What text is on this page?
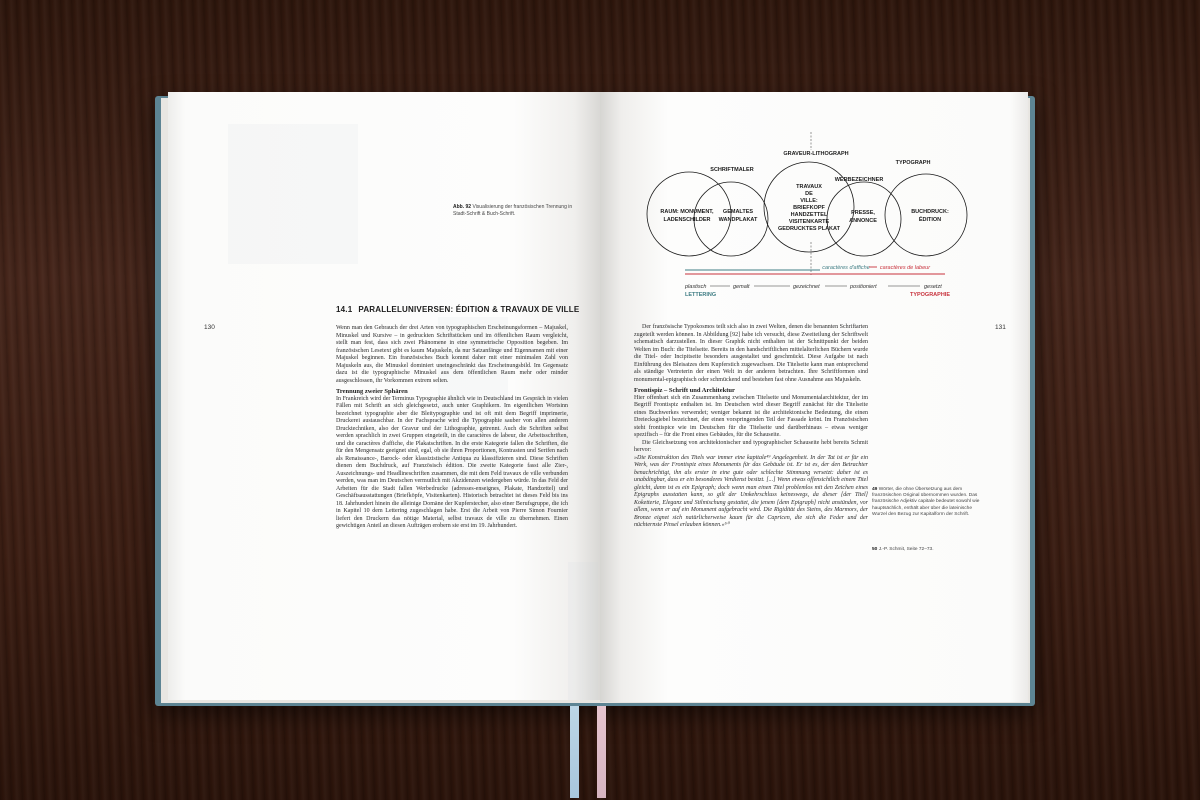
Abb. 92 Visualisierung der französischen Trennung in Stadt-Schrift & Buch-Schrift.
130
14.1 PARALLELUNIVERSEN: ÉDITION & TRAVAUX DE VILLE

Wenn man den Gebrauch der drei Arten von typographischen Erscheinungsformen – Majuskel, Minuskel und Kursive – in gedruckten Schriftstücken und im öffentlichen Raum vergleicht, stellt man fest, dass sich zwei Phänomene in eine symmetrische Opposition begeben. Im französischen Lesetext gibt es kaum Majuskeln, da nur Satzanfänge und Eigennamen mit einer Majuskel beginnen. Ein französisches Buch kommt daher mit einer minimalen Zahl von Majuskeln aus, die Minuskel dominiert uneingeschränkt das Erscheinungsbild. Im Gegensatz dazu ist die typographische Minuskel aus dem öffentlichen Raum mehr oder minder ausgeschlossen, ihr Vorkommen extrem selten.

Trennung zweier Sphären

In Frankreich wird der Terminus Typographie ähnlich wie in Deutschland im Gespräch in vielen Fällen mit Schrift an sich gleichgesetzt, auch unter Graphikern. Im eigentlichen Wortsinn bezeichnet typographie aber die Bleitypographie und ist oft mit dem Begriff imprimerie, Druckerei austauschbar. In der Fachsprache wird die Typographie sauber von allen anderen Drucktechniken, also der Gravur und der Lithographie, getrennt. Auch die Schriften selbst werden sprachlich in zwei Gruppen eingeteilt, in die caractères de labeur, die Arbeitsschriften, und die caractères d'affiche, die Plakatschriften. In die erste Kategorie fallen die Schriften, die für den Mengensatz geeignet sind, egal, ob sie ihren Proportionen, Kontrasten und Serifen nach als Renaissance-, Barock- oder klassizistische Antiqua zu klassifizieren sind. Diese Schriften dienen dem Buchdruck, auf Französisch édition. Die zweite Kategorie fasst alle Zier-, Auszeichnungs- und Headlineschriften zusammen, die mit dem Feld travaux de ville verbunden werden, was man im Deutschen vermutlich mit Akzidenzen wiedergeben würde. In das Feld der Arbeiten für die Stadt fallen Werbedrucke (adresses-enseignes, Plakate, Handzettel) und Geschäftsausstattungen (Briefköpfe, Visitenkarten). Historisch betrachtet ist dieses Feld bis ins 18. Jahrhundert hinein die alleinige Domäne der Kupferstecher, also einer Berufsgruppe, die ich in Kapitel 10 dem Lettering zugeschlagen habe. Erst die Arbeit von Pierre Simon Fournier liefert den Druckern das nötige Material, selbst travaux de ville zu übernehmen. Einen gewichtigen Anteil an diesen Aufträgen erobern sie erst im 19. Jahrhundert.

GRAVEUR-LITHOGRAPH
SCHRIFTMALER
TYPOGRAPH
WERBEZEICHNER
RAUM: MONUMENT,
LADENSCHILDER
GEMALTES
WANDPLAKAT
TRAVAUX
DE
VILLE:
BRIEFKOPF
HANDZETTEL
VISITENKARTE
GEDRUCKTES PLAKAT
PRESSE,
ANNONCE
BUCHDRUCK:
ÉDITION
caractères d'affiche caractères de labeur
plastisch	gemalt	gezeichnet	positioniert	gesetzt
LETTERING	TYPOGRAPHIE
131

Der französische Typokosmos teilt sich also in zwei Welten, denen die benannten Schriftarten zugeteilt werden können. In Abbildung [92] habe ich versucht, diese Zweiteilung der Schriftwelt schematisch darzustellen. In dieser Graphik nicht enthalten ist der Schnittpunkt der beiden Welten im Buch: die Titelseite. Bereits in den handschriftlichen mittelalterlichen Büchern wurde die Titel- oder Incipitseite besonders ausgestaltet und geschmückt. Diese Aufgabe ist nach Einführung des Bleisatzes dem Kupferstich zugewachsen. Die Titelseite kann man entsprechend als ständige Vertreterin der einen Welt in der anderen betrachten. Ihre Schriftformen sind monumental-epigraphisch oder schmückend und bestehen fast ohne Ausnahme aus Majuskeln.

Frontispiz – Schrift und Architektur

Hier offenbart sich ein Zusammenhang zwischen Titelseite und Monumentalarchitektur, der im Begriff Frontispiz enthalten ist. Im Deutschen wird dieser Begriff zunächst für die Titelseite eines Buchwerkes verwendet; weniger bekannt ist die architektonische Bedeutung, die einen Dreiecksgiebel bezeichnet, der einen vorspringenden Teil der Fassade krönt. Im Französischen steht frontispice wie im Deutschen für die Titelseite und darüberhinaus – etwas weniger spezifisch – für die Front eines Gebäudes, für die Schauseite.

Die Gleichsetzung von architektonischer und typographischer Schauseite hebt bereits Schmit hervor:

»Die Konstruktion des Titels war immer eine kapitale⁴⁹ Angelegenheit. In der Tat ist er für ein Werk, was der Frontispiz eines Monuments für das Gebäude ist. Er ist es, der den Betrachter benachrichtigt, ihn als erster in eine gute oder schlechte Stimmung versetzt: daher ist es unabdingbar, dass er ein besonderes Verdienst besitzt. [...] Wenn etwas offensichtlich einem Titel gleicht, dann ist es ein Epigraph; doch wenn man einen Titel problemlos mit den Zeichen eines Epigraphs ausstatten kann, so gilt der Umkehrschluss keineswegs, da dieser [der Titel] Koketterie, Eleganz und Stilmischung gestattet, die jenem [dem Epigraph] nicht anstünden, vor allem, wenn er auf ein Monument aufgebracht wird. Die Rigidität des Steins, des Marmors, der Bronze eignet sich natürlicherweise kaum für die Capricen, die sich die Feder und der nüchternste Pinsel erlauben können.«⁵⁰

49 Wörter, die ohne Übersetzung aus dem französischen Original übernommen wurden. Das französische Adjektiv capitale bedeutet sowohl wie hauptsächlich, enthält aber über die lateinische Wurzel den Bezug zur Kapitalform der Schrift.
50 J.-P. Schmit, Seite 72–73.
